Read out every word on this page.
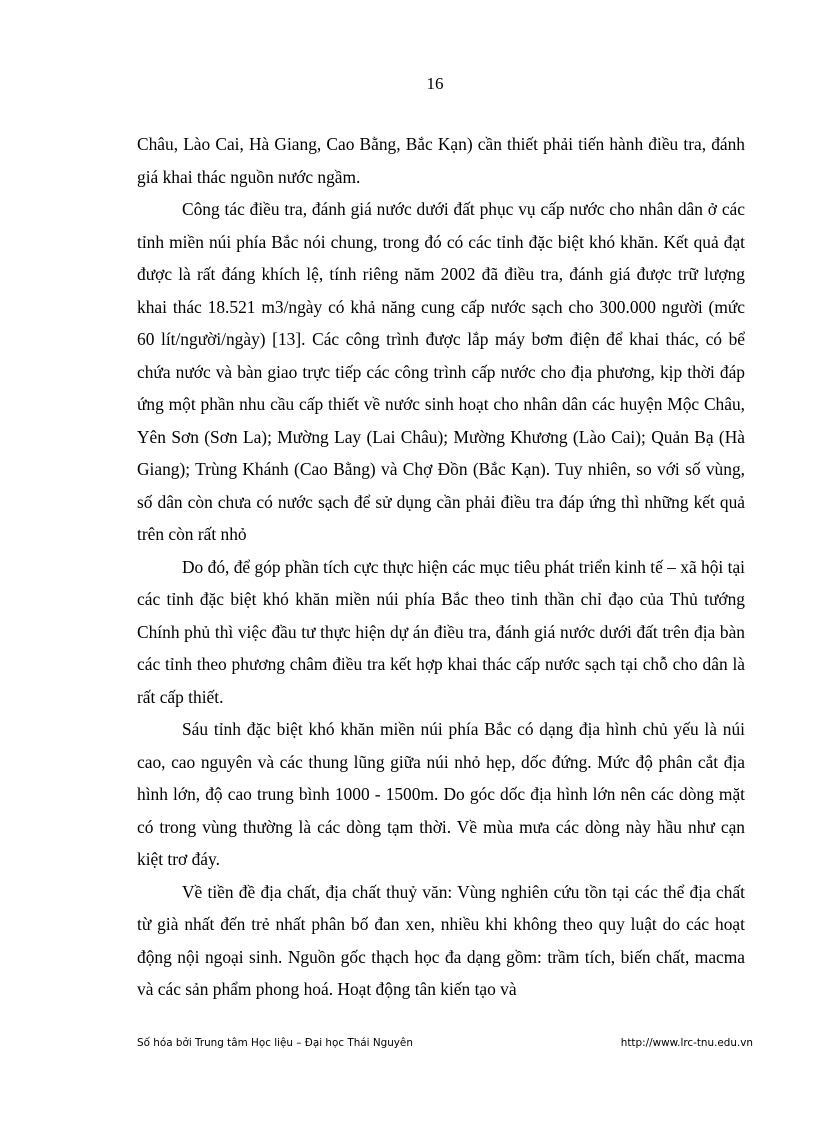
16

Châu, Lào Cai, Hà Giang, Cao Bằng, Bắc Kạn) cần thiết phải tiến hành điều tra, đánh giá khai thác nguồn nước ngầm.

Công tác điều tra, đánh giá nước dưới đất phục vụ cấp nước cho nhân dân ở các tỉnh miền núi phía Bắc nói chung, trong đó có các tỉnh đặc biệt khó khăn. Kết quả đạt được là rất đáng khích lệ, tính riêng năm 2002 đã điều tra, đánh giá được trữ lượng khai thác 18.521 m3/ngày có khả năng cung cấp nước sạch cho 300.000 người (mức 60 lít/người/ngày) [13]. Các công trình được lắp máy bơm điện để khai thác, có bể chứa nước và bàn giao trực tiếp các công trình cấp nước cho địa phương, kịp thời đáp ứng một phần nhu cầu cấp thiết về nước sinh hoạt cho nhân dân các huyện Mộc Châu, Yên Sơn (Sơn La); Mường Lay (Lai Châu); Mường Khương (Lào Cai); Quản Bạ (Hà Giang); Trùng Khánh (Cao Bằng) và Chợ Đồn (Bắc Kạn). Tuy nhiên, so với số vùng, số dân còn chưa có nước sạch để sử dụng cần phải điều tra đáp ứng thì những kết quả trên còn rất nhỏ

Do đó, để góp phần tích cực thực hiện các mục tiêu phát triển kinh tế – xã hội tại các tỉnh đặc biệt khó khăn miền núi phía Bắc theo tinh thần chỉ đạo của Thủ tướng Chính phủ thì việc đầu tư thực hiện dự án điều tra, đánh giá nước dưới đất trên địa bàn các tỉnh theo phương châm điều tra kết hợp khai thác cấp nước sạch tại chỗ cho dân là rất cấp thiết.

Sáu tỉnh đặc biệt khó khăn miền núi phía Bắc có dạng địa hình chủ yếu là núi cao, cao nguyên và các thung lũng giữa núi nhỏ hẹp, dốc đứng. Mức độ phân cắt địa hình lớn, độ cao trung bình 1000 - 1500m. Do góc dốc địa hình lớn nên các dòng mặt có trong vùng thường là các dòng tạm thời. Về mùa mưa các dòng này hầu như cạn kiệt trơ đáy.

Về tiền đề địa chất, địa chất thuỷ văn: Vùng nghiên cứu tồn tại các thể địa chất từ già nhất đến trẻ nhất phân bố đan xen, nhiều khi không theo quy luật do các hoạt động nội ngoại sinh. Nguồn gốc thạch học đa dạng gồm: trầm tích, biến chất, macma và các sản phẩm phong hoá. Hoạt động tân kiến tạo và

Số hóa bởi Trung tâm Học liệu – Đại học Thái Nguyên	http://www.lrc-tnu.edu.vn
